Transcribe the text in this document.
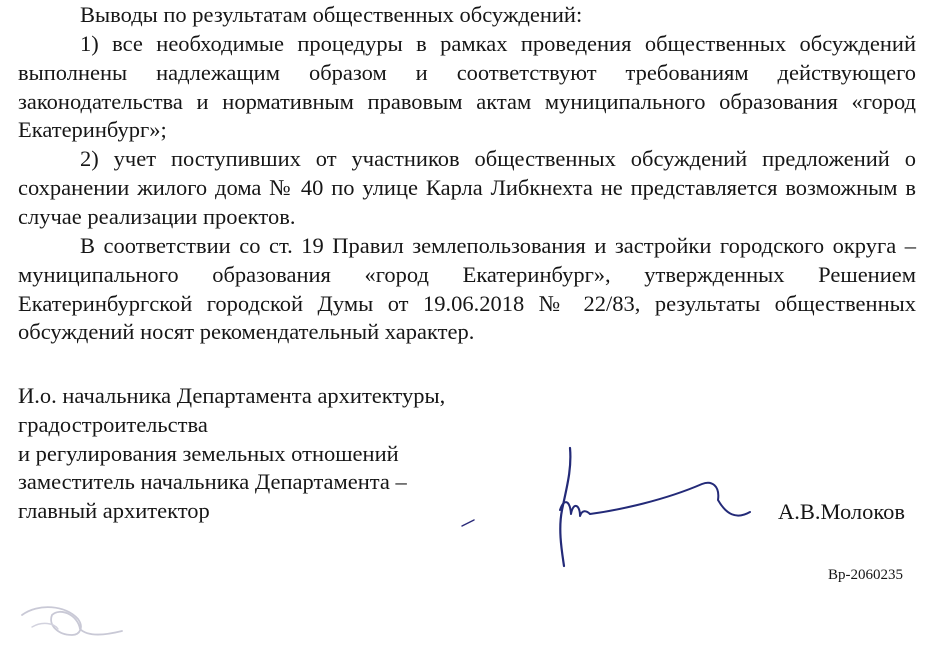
Выводы по результатам общественных обсуждений:

1) все необходимые процедуры в рамках проведения общественных обсуждений выполнены надлежащим образом и соответствуют требованиям действующего законодательства и нормативным правовым актам муниципального образования «город Екатеринбург»;

2) учет поступивших от участников общественных обсуждений предложений о сохранении жилого дома № 40 по улице Карла Либкнехта не представляется возможным в случае реализации проектов.

В соответствии со ст. 19 Правил землепользования и застройки городского округа – муниципального образования «город Екатеринбург», утвержденных Решением Екатеринбургской городской Думы от 19.06.2018 № 22/83, результаты общественных обсуждений носят рекомендательный характер.

И.о. начальника Департамента архитектуры,
градостроительства
и регулирования земельных отношений
заместитель начальника Департамента –
главный архитектор	А.В.Молоков
Вр-2060235
